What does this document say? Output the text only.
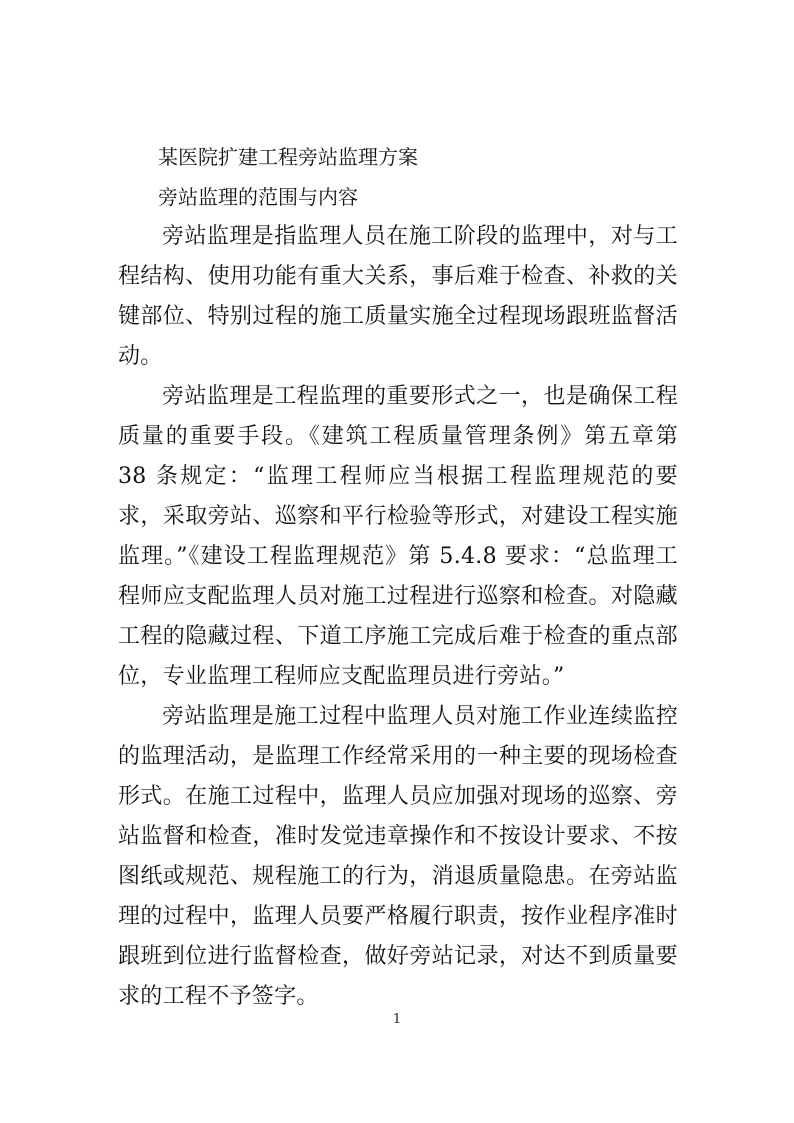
某医院扩建工程旁站监理方案

旁站监理的范围与内容

旁站监理是指监理人员在施工阶段的监理中，对与工程结构、使用功能有重大关系，事后难于检查、补救的关键部位、特别过程的施工质量实施全过程现场跟班监督活动。

旁站监理是工程监理的重要形式之一，也是确保工程质量的重要手段。《建筑工程质量管理条例》第五章第 38 条规定：“监理工程师应当根据工程监理规范的要求，采取旁站、巡察和平行检验等形式，对建设工程实施监理。”《建设工程监理规范》第 5.4.8 要求：“总监理工程师应支配监理人员对施工过程进行巡察和检查。对隐藏工程的隐藏过程、下道工序施工完成后难于检查的重点部位，专业监理工程师应支配监理员进行旁站。”

旁站监理是施工过程中监理人员对施工作业连续监控的监理活动，是监理工作经常采用的一种主要的现场检查形式。在施工过程中，监理人员应加强对现场的巡察、旁站监督和检查，准时发觉违章操作和不按设计要求、不按图纸或规范、规程施工的行为，消退质量隐患。在旁站监理的过程中，监理人员要严格履行职责，按作业程序准时跟班到位进行监督检查，做好旁站记录，对达不到质量要求的工程不予签字。

1
